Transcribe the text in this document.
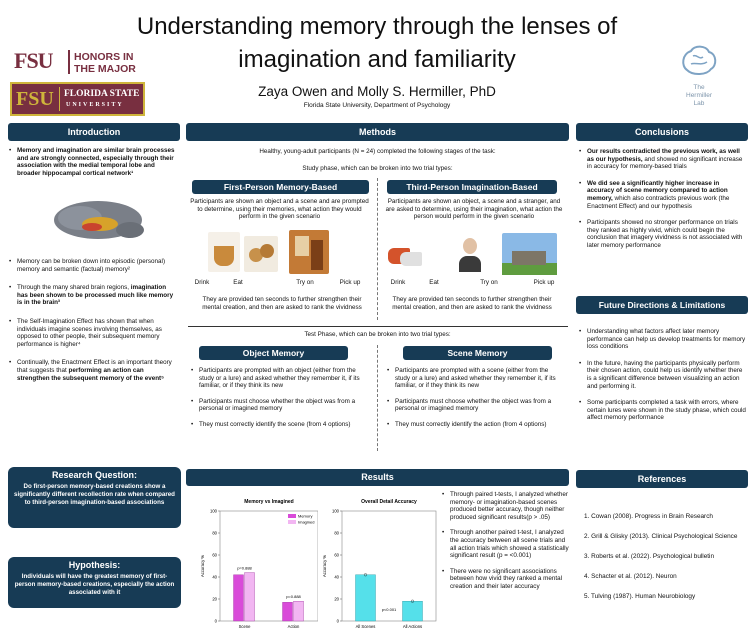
Understanding memory through the lenses of
imagination and familiarity
Zaya Owen and Molly S. Hermiller, PhD
Florida State University, Department of Psychology
FSU	HONORS IN
THE MAJOR
FSU FLORIDA STATE
UNIVERSITY
The
Hermiller
Lab
Introduction
• Memory and imagination are similar brain processes and are strongly connected, especially through their association with the medial temporal lobe and broader hippocampal cortical network¹
• Memory can be broken down into episodic (personal) memory and semantic (factual) memory²
• Through the many shared brain regions, imagination has been shown to be processed much like memory is in the brain³
• The Self-Imagination Effect has shown that when individuals imagine scenes involving themselves, as opposed to other people, their subsequent memory performance is higher⁴
• Continually, the Enactment Effect is an important theory that suggests that performing an action can strengthen the subsequent memory of the event⁵
Research Question:
Do first-person memory-based creations show a significantly different recollection rate when compared to third-person imagination-based associations
Hypothesis:
Individuals will have the greatest memory of first-person memory-based creations, especially the action associated with it
Methods
Healthy, young-adult participants (N = 24) completed the following stages of the task:
Study phase, which can be broken into two trial types:
First-Person Memory-Based
Participants are shown an object and a scene and are prompted to determine, using their memories, what action they would perform in the given scenario
Drink	Eat	Try on	Pick up
They are provided ten seconds to further strengthen their mental creation, and then are asked to rank the vividness
Third-Person Imagination-Based
Participants are shown an object, a scene and a stranger, and are asked to determine, using their imagination, what action the person would perform in the given scenario
Drink	Eat	Try on	Pick up
They are provided ten seconds to further strengthen their mental creation, and then are asked to rank the vividness
Test Phase, which can be broken into two trial types:
Object Memory
• Participants are prompted with an object (either from the study or a lure) and asked whether they remember it, if its familiar, or if they think its new
• Participants must choose whether the object was from a personal or imagined memory
• They must correctly identify the scene (from 4 options)
Scene Memory
• Participants are prompted with a scene (either from the study or a lure) and asked whether they remember it, if its familiar, or if they think its new
• Participants must choose whether the object was from a personal or imagined memory
• They must correctly identify the action (from 4 options)
Results
Memory vs Imagined
0
20
40
60
80
100
Accuracy %
Scene
p=0.888
Action
p=0.888
Memory
Imagined
Overall Detail Accuracy
0
20
40
60
80
100
Accuracy %
All Scenes	All Actions
p<0.001
• Through paired t-tests, I analyzed whether memory- or imagination-based scenes produced better accuracy, though neither produced significant results(p > .05)
• Through another paired t-test, I analyzed the accuracy between all scene trials and all action trials which showed a statistically significant result (p = <0.001)
• There were no significant associations between how vivid they ranked a mental creation and their later accuracy
Conclusions
• Our results contradicted the previous work, as well as our hypothesis, and showed no significant increase in accuracy for memory-based trials
• We did see a significantly higher increase in accuracy of scene memory compared to action memory, which also contradicts previous work (the Enactment Effect) and our hypothesis
• Participants showed no stronger performance on trials they ranked as highly vivid, which could begin the conclusion that imagery vividness is not associated with later memory performance
Future Directions & Limitations
• Understanding what factors affect later memory performance can help us develop treatments for memory loss conditions
• In the future, having the participants physically perform their chosen action, could help us identify whether there is a significant difference between visualizing an action and performing it.
• Some participants completed a task with errors, where certain lures were shown in the study phase, which could affect memory performance
References
1. Cowan (2008). Progress in Brain Research
2. Grill & Glisky (2013). Clinical Psychological Science
3. Roberts et al. (2022). Psychological bulletin
4. Schacter et al. (2012). Neuron
5. Tulving (1987). Human Neurobiology
